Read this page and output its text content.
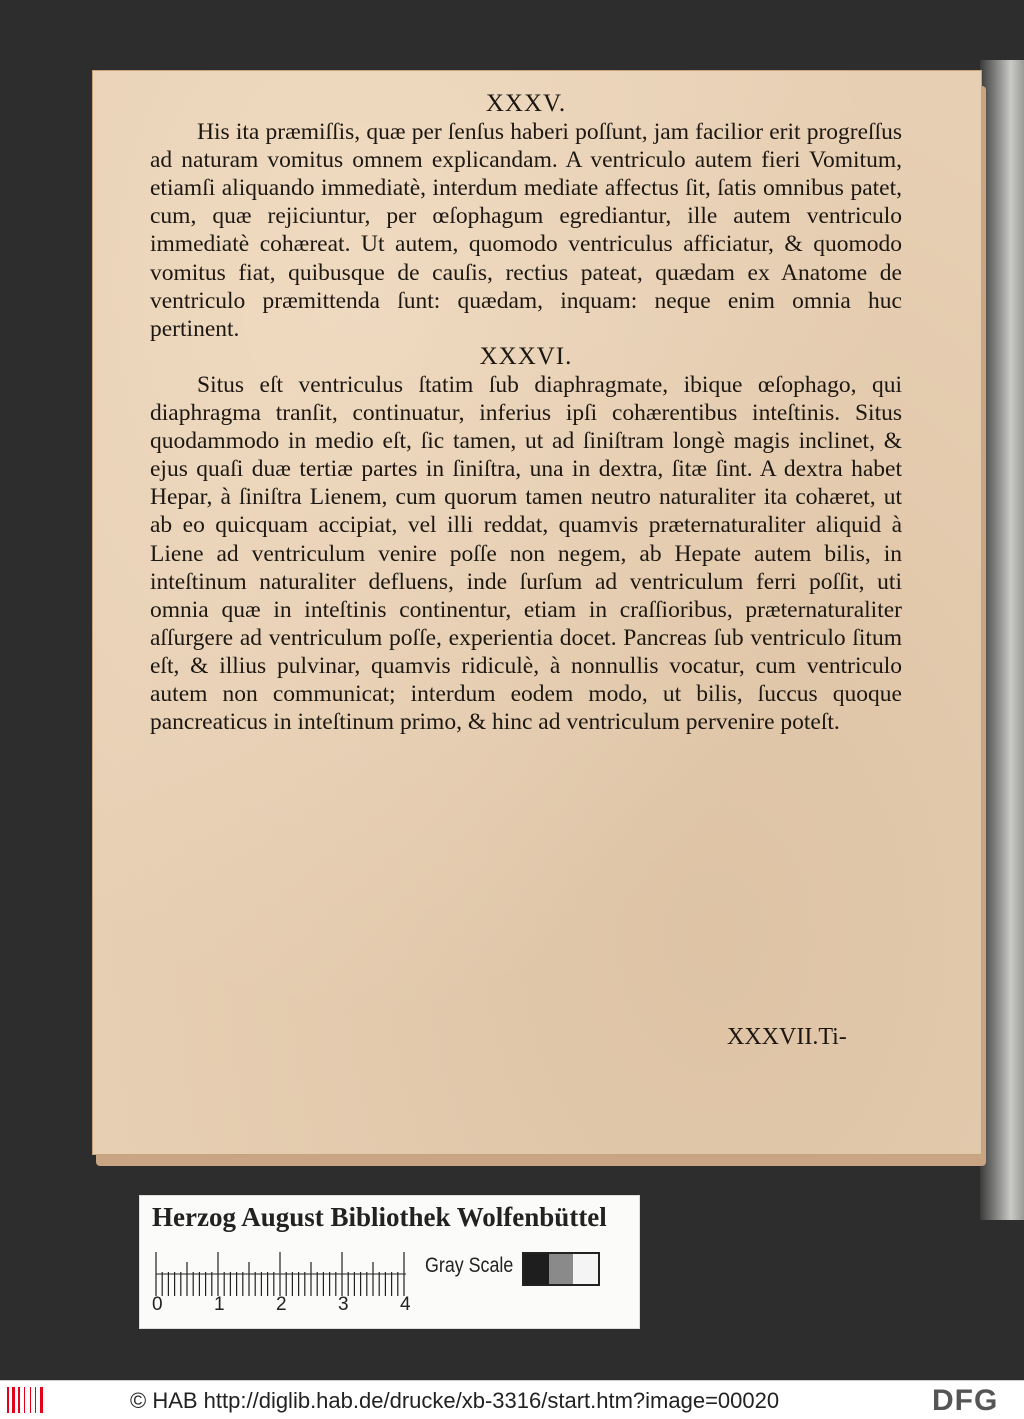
XXXV.

His ita præmiſſis, quæ per ſenſus haberi poſſunt, jam facilior erit progreſſus ad naturam vomitus omnem explicandam. A ventriculo autem fieri Vomitum, etiamſi aliquando immediatè, interdum mediate affectus ſit, ſatis omnibus patet, cum, quæ rejiciuntur, per œſophagum egrediantur, ille autem ventriculo immediatè cohæreat. Ut autem, quomodo ventriculus afficiatur, & quomodo vomitus fiat, quibusque de cauſis, rectius pateat, quædam ex Anatome de ventriculo præmittenda ſunt: quædam, inquam: neque enim omnia huc pertinent.

XXXVI.

Situs eſt ventriculus ſtatim ſub diaphragmate, ibique œſophago, qui diaphragma tranſit, continuatur, inferius ipſi cohærentibus inteſtinis. Situs quodammodo in medio eſt, ſic tamen, ut ad ſiniſtram longè magis inclinet, & ejus quaſi duæ tertiæ partes in ſiniſtra, una in dextra, ſitæ ſint. A dextra habet Hepar, à ſiniſtra Lienem, cum quorum tamen neutro naturaliter ita cohæret, ut ab eo quicquam accipiat, vel illi reddat, quamvis præternaturaliter aliquid à Liene ad ventriculum venire poſſe non negem, ab Hepate autem bilis, in inteſtinum naturaliter defluens, inde ſurſum ad ventriculum ferri poſſit, uti omnia quæ in inteſtinis continentur, etiam in craſſioribus, præternaturaliter aſſurgere ad ventriculum poſſe, experientia docet. Pancreas ſub ventriculo ſitum eſt, & illius pulvinar, quamvis ridiculè, à nonnullis vocatur, cum ventriculo autem non communicat; interdum eodem modo, ut bilis, ſuccus quoque pancreaticus in inteſtinum primo, & hinc ad ventriculum pervenire poteſt.

XXXVII.Ti-
Herzog August Bibliothek Wolfenbüttel
0	1	2	3	4
Gray Scale
© HAB http://diglib.hab.de/drucke/xb-3316/start.htm?image=00020	DFG
